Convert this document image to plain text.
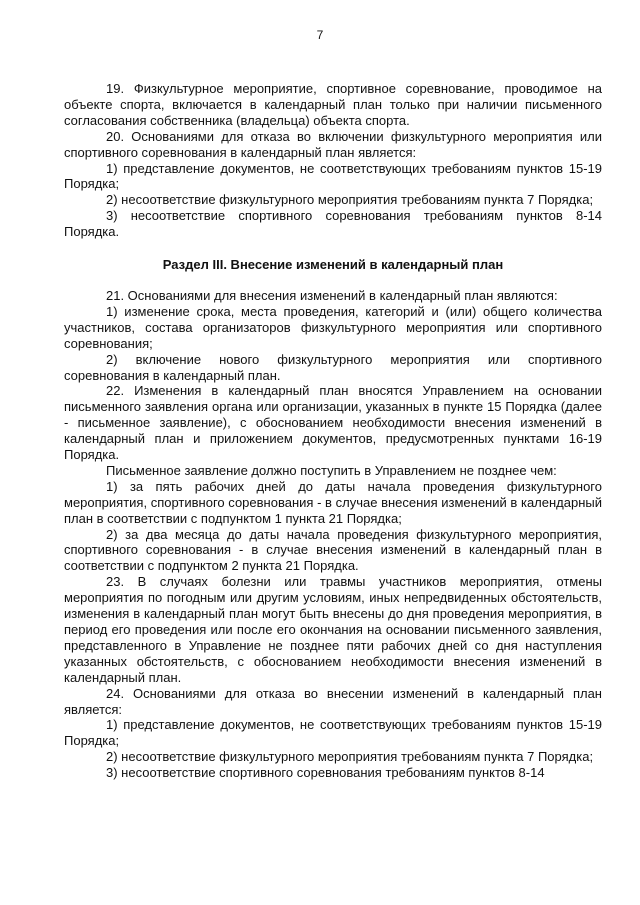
7

19. Физкультурное мероприятие, спортивное соревнование, проводимое на объекте спорта, включается в календарный план только при наличии письменного согласования собственника (владельца) объекта спорта.

20. Основаниями для отказа во включении физкультурного мероприятия или спортивного соревнования в календарный план является:

1) представление документов, не соответствующих требованиям пунктов 15-19 Порядка;

2) несоответствие физкультурного мероприятия требованиям пункта 7 Порядка;

3) несоответствие спортивного соревнования требованиям пунктов 8-14 Порядка.

Раздел III. Внесение изменений в календарный план

21. Основаниями для внесения изменений в календарный план являются:

1) изменение срока, места проведения, категорий и (или) общего количества участников, состава организаторов физкультурного мероприятия или спортивного соревнования;

2) включение нового физкультурного мероприятия или спортивного соревнования в календарный план.

22. Изменения в календарный план вносятся Управлением на основании письменного заявления органа или организации, указанных в пункте 15 Порядка (далее - письменное заявление), с обоснованием необходимости внесения изменений в календарный план и приложением документов, предусмотренных пунктами 16-19 Порядка.

Письменное заявление должно поступить в Управлением не позднее чем:

1) за пять рабочих дней до даты начала проведения физкультурного мероприятия, спортивного соревнования - в случае внесения изменений в календарный план в соответствии с подпунктом 1 пункта 21 Порядка;

2) за два месяца до даты начала проведения физкультурного мероприятия, спортивного соревнования - в случае внесения изменений в календарный план в соответствии с подпунктом 2 пункта 21 Порядка.

23. В случаях болезни или травмы участников мероприятия, отмены мероприятия по погодным или другим условиям, иных непредвиденных обстоятельств, изменения в календарный план могут быть внесены до дня проведения мероприятия, в период его проведения или после его окончания на основании письменного заявления, представленного в Управление не позднее пяти рабочих дней со дня наступления указанных обстоятельств, с обоснованием необходимости внесения изменений в календарный план.

24. Основаниями для отказа во внесении изменений в календарный план является:

1) представление документов, не соответствующих требованиям пунктов 15-19 Порядка;

2) несоответствие физкультурного мероприятия требованиям пункта 7 Порядка;

3) несоответствие спортивного соревнования требованиям пунктов 8-14
